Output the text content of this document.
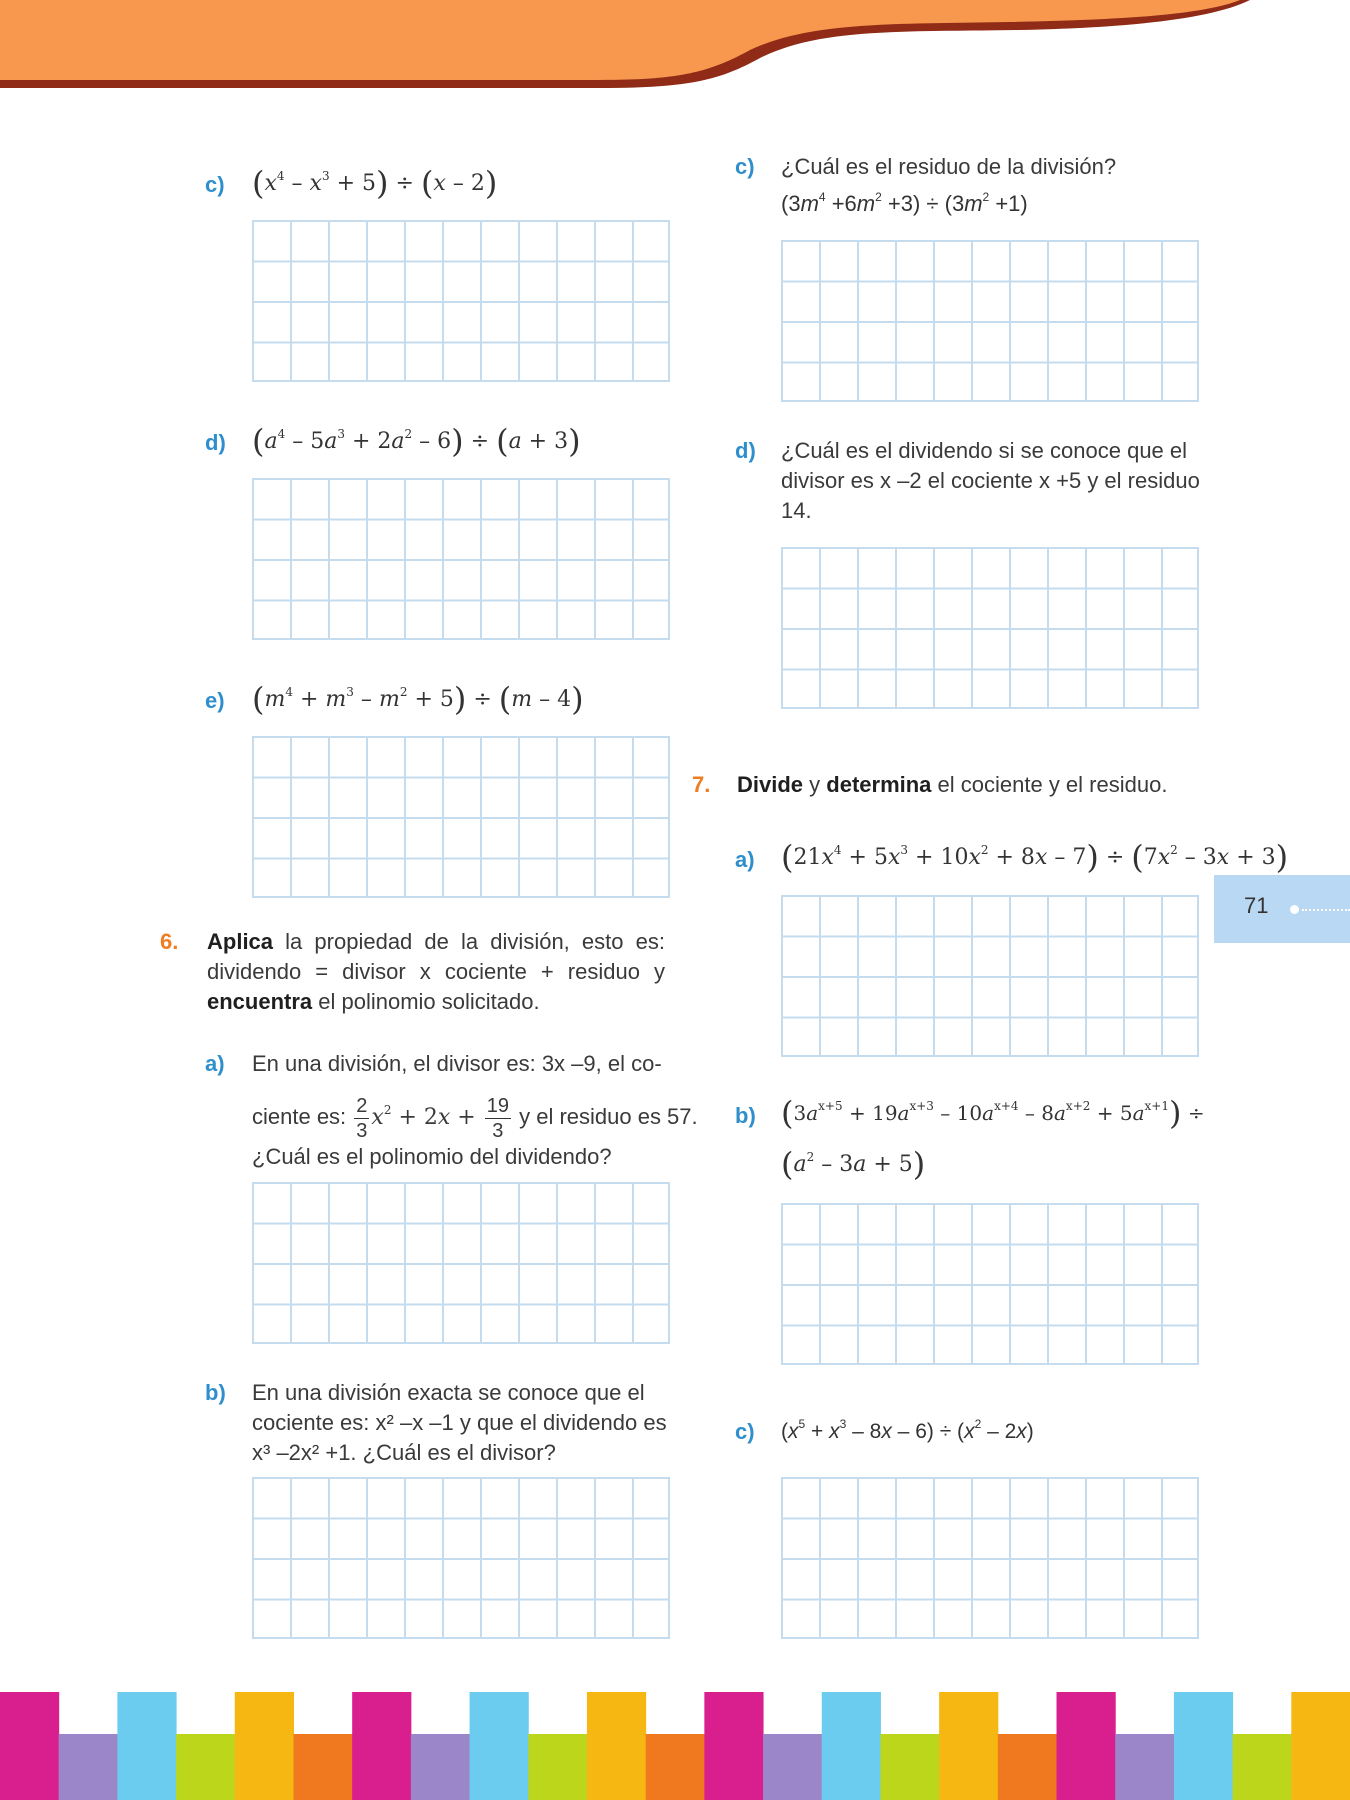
71
c) $(x^4 - x^3 + 5) \div (x - 2)$
d) $(a^4 - 5a^3 + 2a^2 - 6) \div (a + 3)$
e) $(m^4 + m^3 - m^2 + 5) \div (m - 4)$
6. Aplica la propiedad de la división, esto es: dividendo = divisor x cociente + residuo y encuentra el polinomio solicitado.
a) En una división, el divisor es: 3x –9, el co-
ciente es: $\frac{2}{3} x^2 + 2x + \frac{19}{3}$ y el residuo es 57.
¿Cuál es el polinomio del dividendo?
b) En una división exacta se conoce que el
cociente es: x² –x –1 y que el dividendo es
x³ –2x² +1. ¿Cuál es el divisor?
c) ¿Cuál es el residuo de la división?
$(3m^4 +6m^2 +3) \div (3m^2 +1)$
d) ¿Cuál es el dividendo si se conoce que el
divisor es x –2 el cociente x +5 y el residuo
14.
7. Divide y determina el cociente y el residuo.
a) $(21x^4 + 5x^3 + 10x^2 + 8x - 7) \div (7x^2 - 3x + 3)$
b) $(3a^{x+5} + 19a^{x+3} - 10a^{x+4} - 8a^{x+2} + 5a^{x+1})$ ÷
$(a^2 - 3a + 5)$
c) $(x^5 + x^3 - 8x - 6) \div (x^2 - 2x)$
